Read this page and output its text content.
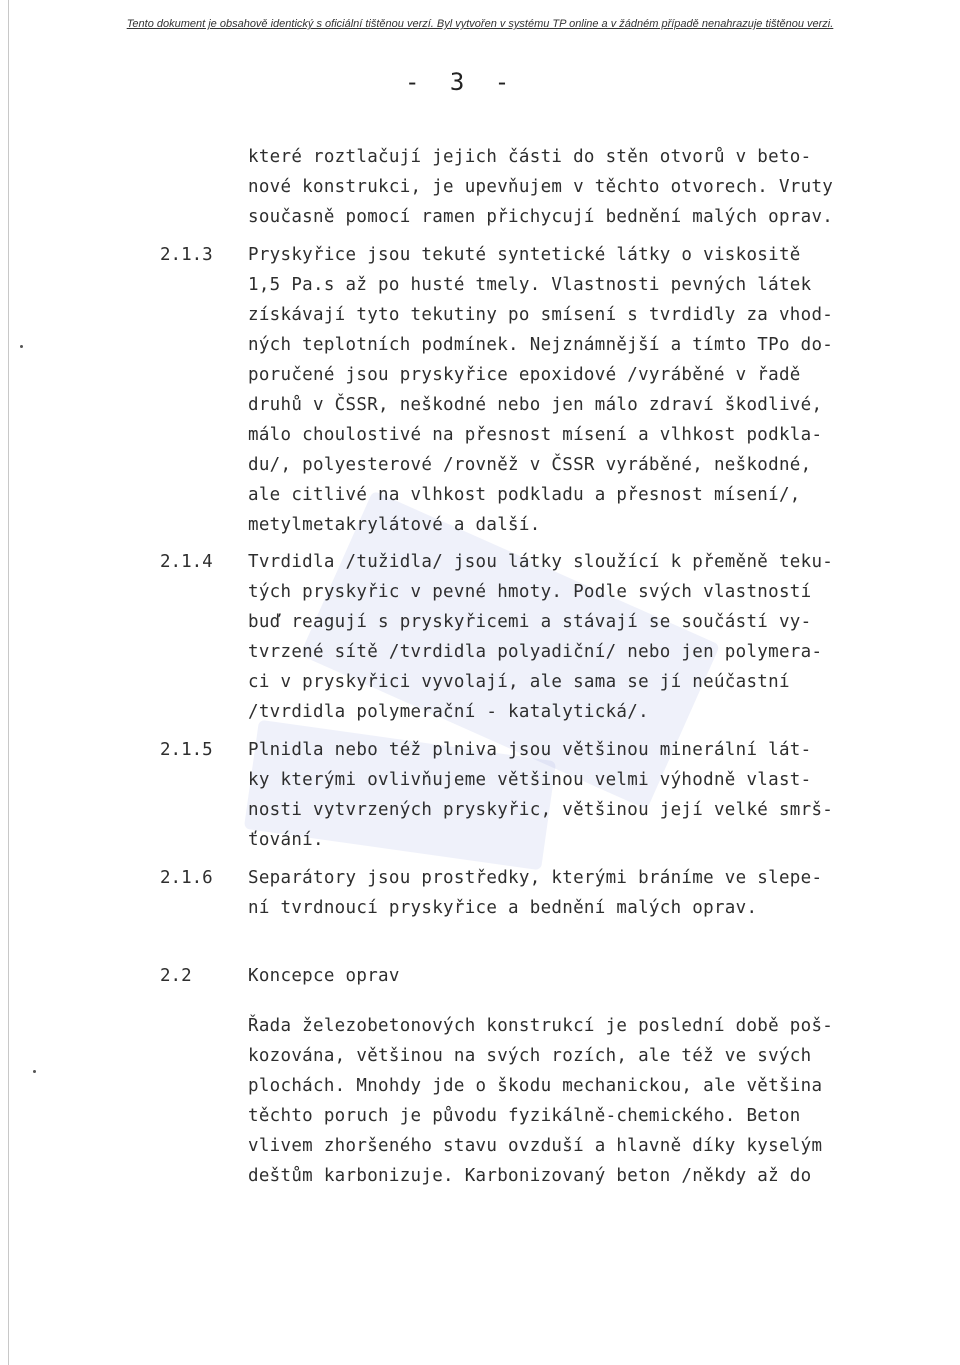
Tento dokument je obsahově identický s oficiální tištěnou verzí. Byl vytvořen v systému TP online a v žádném případě nenahrazuje tištěnou verzi.
- 3 -
2.1.3
2.1.4
2.1.5
2.1.6
2.2
které roztlačují jejich části do stěn otvorů v beto-
nové konstrukci, je upevňujem v těchto otvorech. Vruty
současně pomocí ramen přichycují bednění malých oprav.
Pryskyřice jsou tekuté syntetické látky o viskositě
1,5 Pa.s až po husté tmely. Vlastnosti pevných látek
získávají tyto tekutiny po smísení s tvrdidly za vhod-
ných teplotních podmínek. Nejznámnější a tímto TPo do-
poručené jsou pryskyřice epoxidové /vyráběné v řadě
druhů v ČSSR, neškodné nebo jen málo zdraví škodlivé,
málo choulostivé na přesnost mísení a vlhkost podkla-
du/, polyesterové /rovněž v ČSSR vyráběné, neškodné,
ale citlivé na vlhkost podkladu a přesnost mísení/,
metylmetakrylátové a další.
Tvrdidla /tužidla/ jsou látky sloužící k přeměně teku-
tých pryskyřic v pevné hmoty. Podle svých vlastností
buď reagují s pryskyřicemi a stávají se součástí vy-
tvrzené sítě /tvrdidla polyadiční/ nebo jen polymera-
ci v pryskyřici vyvolají, ale sama se jí neúčastní
/tvrdidla polymerační - katalytická/.
Plnidla nebo též plniva jsou většinou minerální lát-
ky kterými ovlivňujeme většinou velmi výhodně vlast-
nosti vytvrzených pryskyřic, většinou její velké smrš-
ťování.
Separátory jsou prostředky, kterými bráníme ve slepe-
ní tvrdnoucí pryskyřice a bednění malých oprav.
Koncepce oprav
Řada železobetonových konstrukcí je poslední době poš-
kozována, většinou na svých rozích, ale též ve svých
plochách. Mnohdy jde o škodu mechanickou, ale většina
těchto poruch je původu fyzikálně-chemického. Beton
vlivem zhoršeného stavu ovzduší a hlavně díky kyselým
deštům karbonizuje. Karbonizovaný beton /někdy až do
